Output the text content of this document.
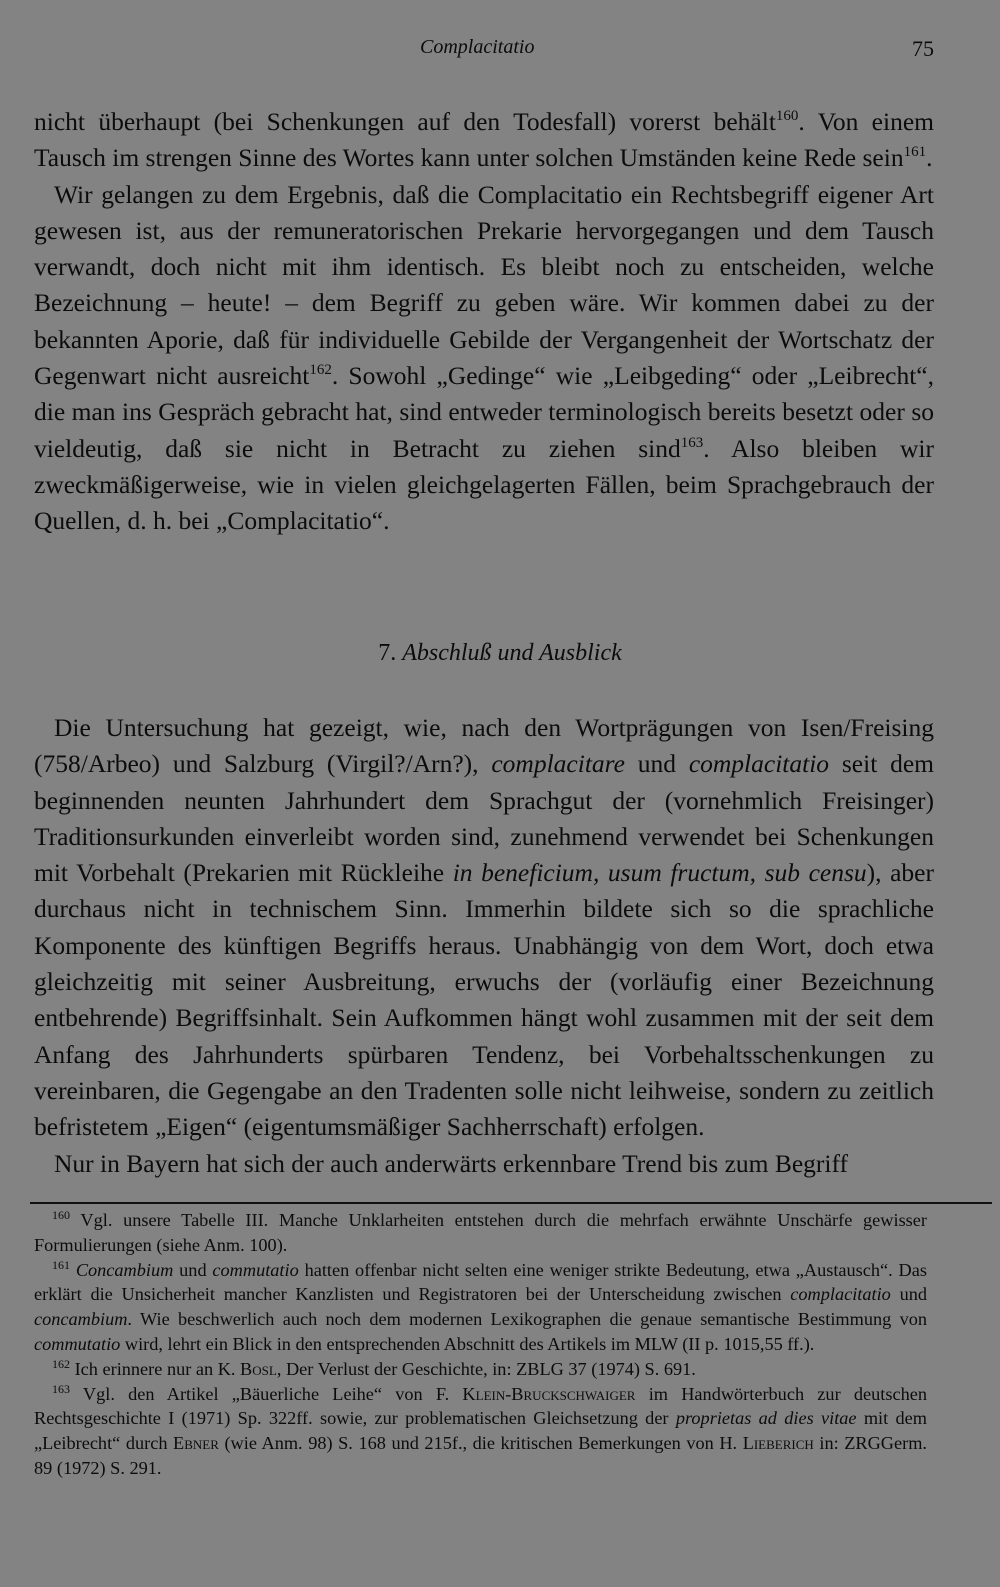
Complacitatio	75

nicht überhaupt (bei Schenkungen auf den Todesfall) vorerst behält$^{160}$. Von einem Tausch im strengen Sinne des Wortes kann unter solchen Umständen keine Rede sein$^{161}$.

Wir gelangen zu dem Ergebnis, daß die Complacitatio ein Rechtsbegriff eigener Art gewesen ist, aus der remuneratorischen Prekarie hervorgegangen und dem Tausch verwandt, doch nicht mit ihm identisch. Es bleibt noch zu entscheiden, welche Bezeichnung – heute! – dem Begriff zu geben wäre. Wir kommen dabei zu der bekannten Aporie, daß für individuelle Gebilde der Vergangenheit der Wortschatz der Gegenwart nicht ausreicht$^{162}$. Sowohl „Gedinge“ wie „Leibgeding“ oder „Leibrecht“, die man ins Gespräch gebracht hat, sind entweder terminologisch bereits besetzt oder so vieldeutig, daß sie nicht in Betracht zu ziehen sind$^{163}$. Also bleiben wir zweckmäßigerweise, wie in vielen gleichgelagerten Fällen, beim Sprachgebrauch der Quellen, d. h. bei „Complacitatio“.

7. Abschluß und Ausblick

Die Untersuchung hat gezeigt, wie, nach den Wortprägungen von Isen/Freising (758/Arbeo) und Salzburg (Virgil?/Arn?), complacitare und complacitatio seit dem beginnenden neunten Jahrhundert dem Sprachgut der (vornehmlich Freisinger) Traditionsurkunden einverleibt worden sind, zunehmend verwendet bei Schenkungen mit Vorbehalt (Prekarien mit Rückleihe in beneficium, usum fructum, sub censu), aber durchaus nicht in technischem Sinn. Immerhin bildete sich so die sprachliche Komponente des künftigen Begriffs heraus. Unabhängig von dem Wort, doch etwa gleichzeitig mit seiner Ausbreitung, erwuchs der (vorläufig einer Bezeichnung entbehrende) Begriffsinhalt. Sein Aufkommen hängt wohl zusammen mit der seit dem Anfang des Jahrhunderts spürbaren Tendenz, bei Vorbehaltsschenkungen zu vereinbaren, die Gegengabe an den Tradenten solle nicht leihweise, sondern zu zeitlich befristetem „Eigen“ (eigentumsmäßiger Sachherrschaft) erfolgen.

Nur in Bayern hat sich der auch anderwärts erkennbare Trend bis zum Begriff

$^{160}$ Vgl. unsere Tabelle III. Manche Unklarheiten entstehen durch die mehrfach erwähnte Unschärfe gewisser Formulierungen (siehe Anm. 100).

$^{161}$ Concambium und commutatio hatten offenbar nicht selten eine weniger strikte Bedeutung, etwa „Austausch“. Das erklärt die Unsicherheit mancher Kanzlisten und Registratoren bei der Unterscheidung zwischen complacitatio und concambium. Wie beschwerlich auch noch dem modernen Lexikographen die genaue semantische Bestimmung von commutatio wird, lehrt ein Blick in den entsprechenden Abschnitt des Artikels im MLW (II p. 1015,55 ff.).

$^{162}$ Ich erinnere nur an K. Bosl, Der Verlust der Geschichte, in: ZBLG 37 (1974) S. 691.

$^{163}$ Vgl. den Artikel „Bäuerliche Leihe“ von F. Klein-Bruckschwaiger im Handwörterbuch zur deutschen Rechtsgeschichte I (1971) Sp. 322ff. sowie, zur problematischen Gleichsetzung der proprietas ad dies vitae mit dem „Leibrecht“ durch Ebner (wie Anm. 98) S. 168 und 215f., die kritischen Bemerkungen von H. Lieberich in: ZRGGerm. 89 (1972) S. 291.
